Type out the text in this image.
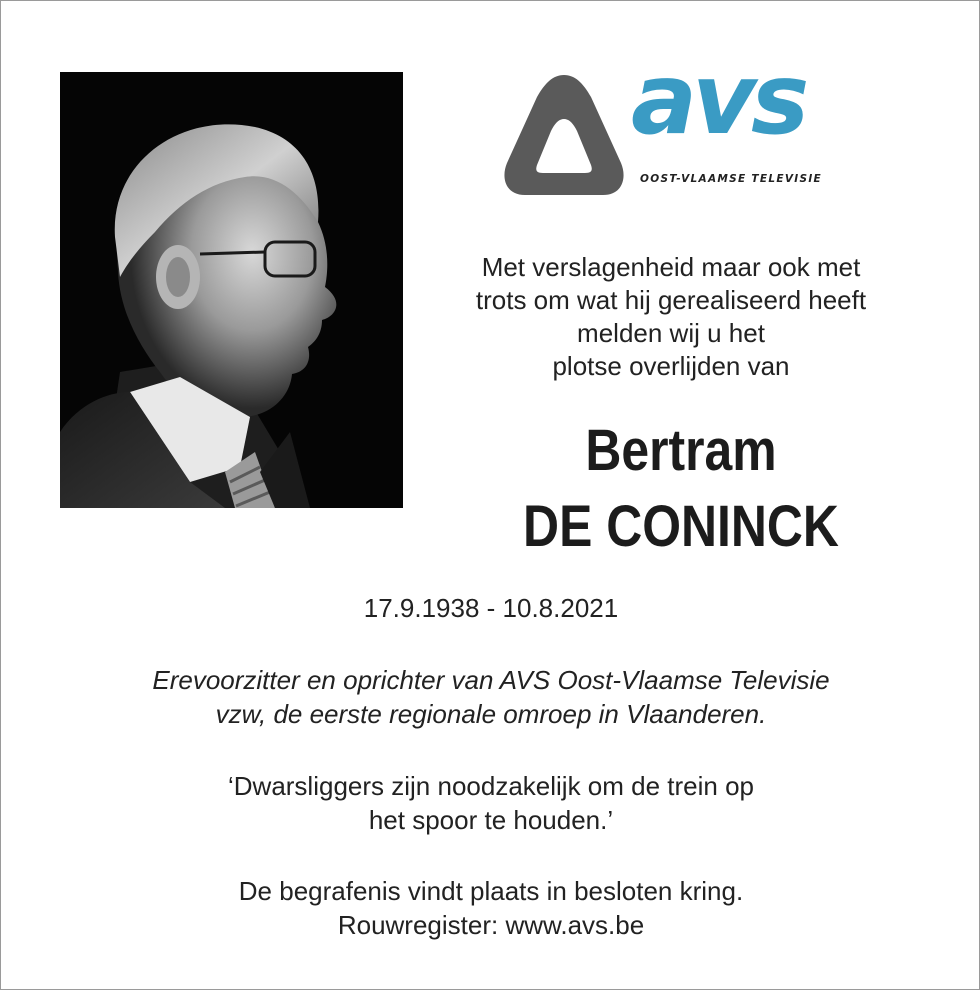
avs
OOST-VLAAMSE TELEVISIE
Met verslagenheid maar ook met
trots om wat hij gerealiseerd heeft
melden wij u het
plotse overlijden van
Bertram
DE CONINCK
17.9.1938 - 10.8.2021
Erevoorzitter en oprichter van AVS Oost-Vlaamse Televisie
vzw, de eerste regionale omroep in Vlaanderen.
‘Dwarsliggers zijn noodzakelijk om de trein op
het spoor te houden.’
De begrafenis vindt plaats in besloten kring.
Rouwregister: www.avs.be
